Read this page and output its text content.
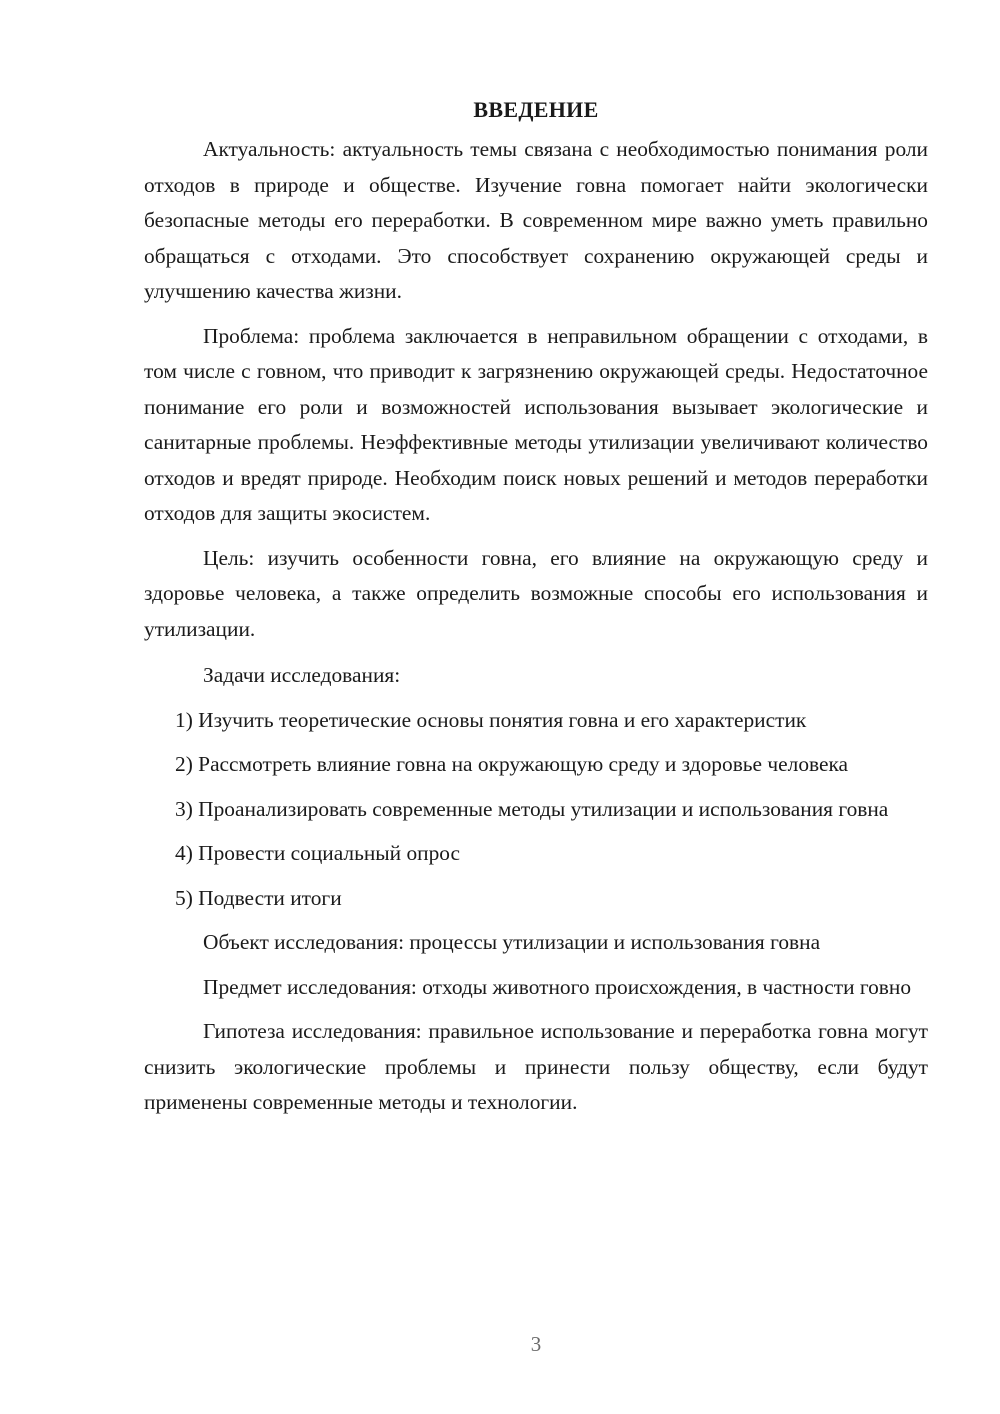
ВВЕДЕНИЕ

Актуальность: актуальность темы связана с необходимостью понимания роли отходов в природе и обществе. Изучение говна помогает найти экологически безопасные методы его переработки. В современном мире важно уметь правильно обращаться с отходами. Это способствует сохранению окружающей среды и улучшению качества жизни.

Проблема: проблема заключается в неправильном обращении с отходами, в том числе с говном, что приводит к загрязнению окружающей среды. Недостаточное понимание его роли и возможностей использования вызывает экологические и санитарные проблемы. Неэффективные методы утилизации увеличивают количество отходов и вредят природе. Необходим поиск новых решений и методов переработки отходов для защиты экосистем.

Цель: изучить особенности говна, его влияние на окружающую среду и здоровье человека, а также определить возможные способы его использования и утилизации.

Задачи исследования:

1) Изучить теоретические основы понятия говна и его характеристик

2) Рассмотреть влияние говна на окружающую среду и здоровье человека

3) Проанализировать современные методы утилизации и использования говна

4) Провести социальный опрос

5) Подвести итоги

Объект исследования: процессы утилизации и использования говна

Предмет исследования: отходы животного происхождения, в частности говно

Гипотеза исследования: правильное использование и переработка говна могут снизить экологические проблемы и принести пользу обществу, если будут применены современные методы и технологии.

3
